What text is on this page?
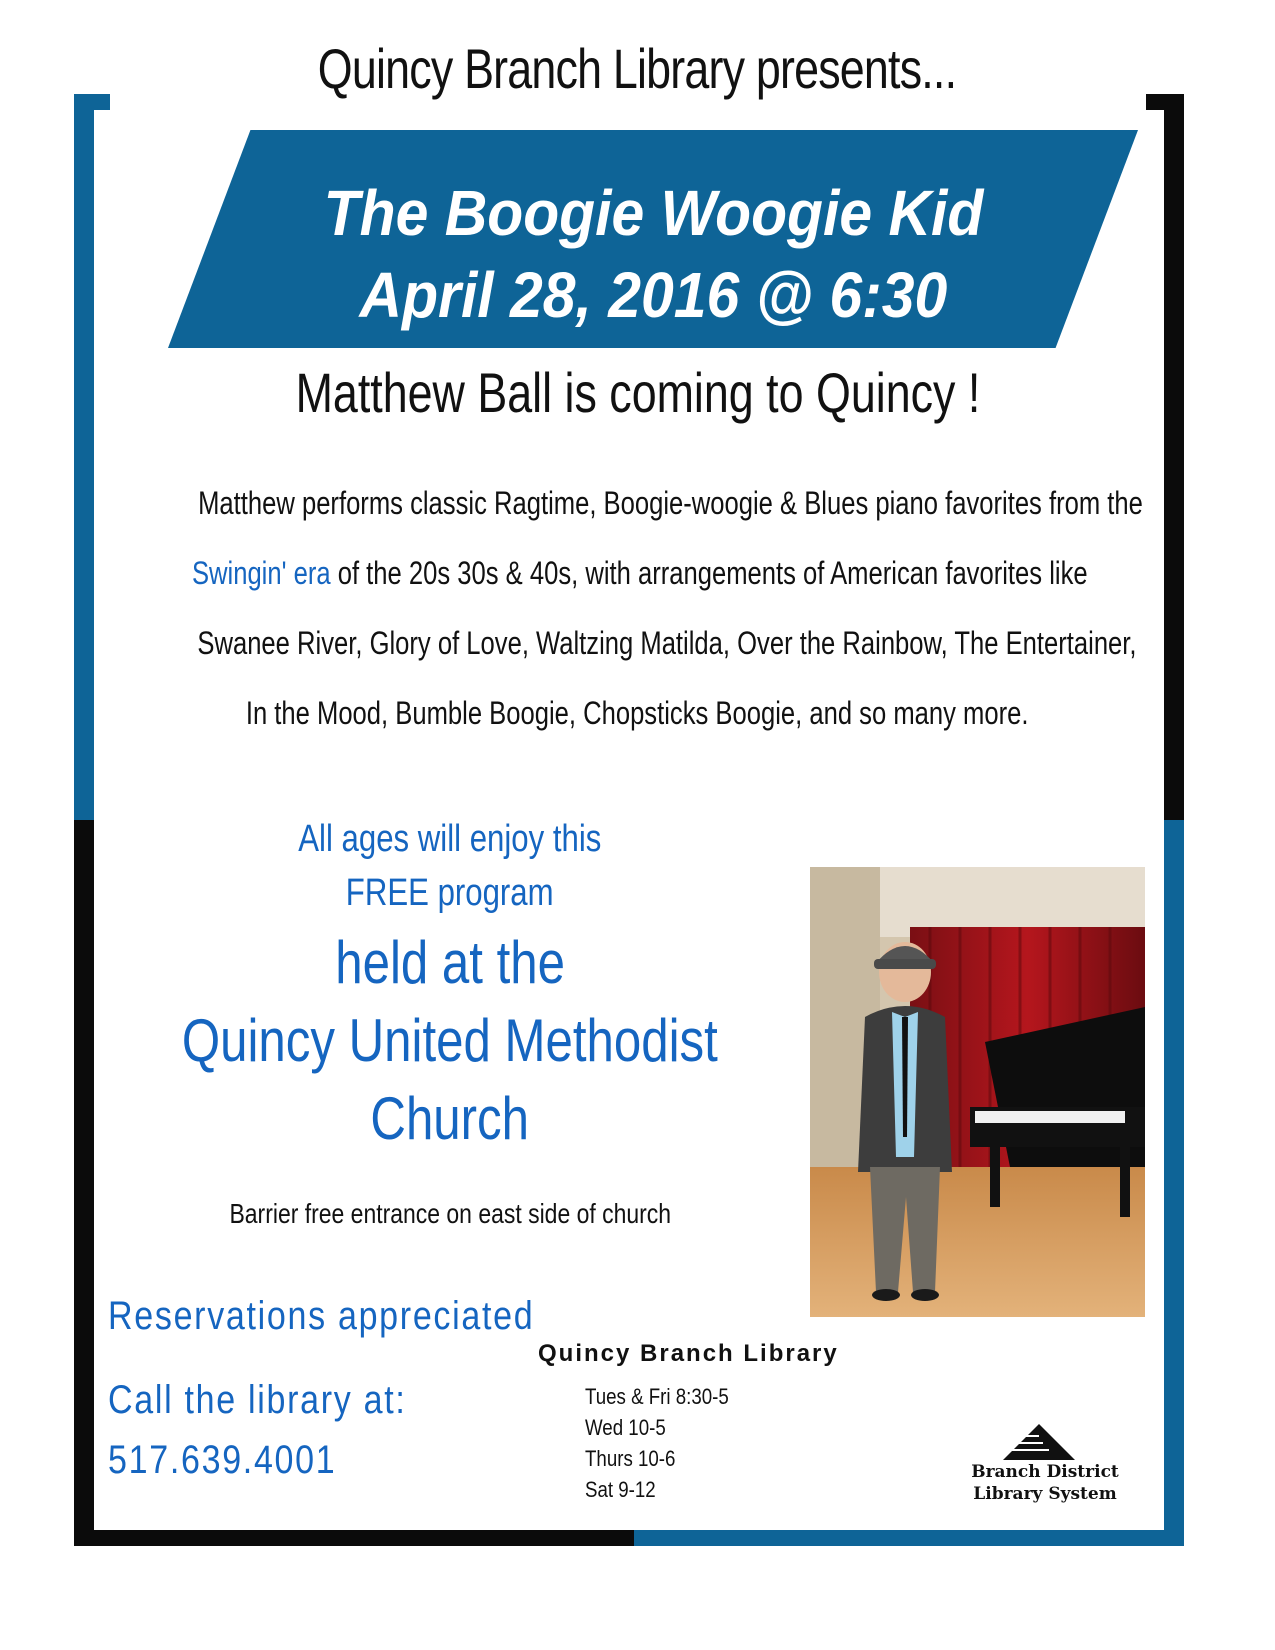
Quincy Branch Library presents...
The Boogie Woogie Kid
April 28, 2016 @ 6:30
Matthew Ball is coming to Quincy !
Matthew performs classic Ragtime, Boogie-woogie & Blues piano favorites from the
Swingin' era of the 20s 30s & 40s, with arrangements of American favorites like
Swanee River, Glory of Love, Waltzing Matilda, Over the Rainbow, The Entertainer,
In the Mood, Bumble Boogie, Chopsticks Boogie, and so many more.
All ages will enjoy this
FREE program
held at the
Quincy United Methodist
Church
Barrier free entrance on east side of church
Reservations appreciated
Call the library at:
517.639.4001
Quincy Branch Library
Tues & Fri 8:30-5
Wed 10-5
Thurs 10-6
Sat 9-12
Branch District
Library System
